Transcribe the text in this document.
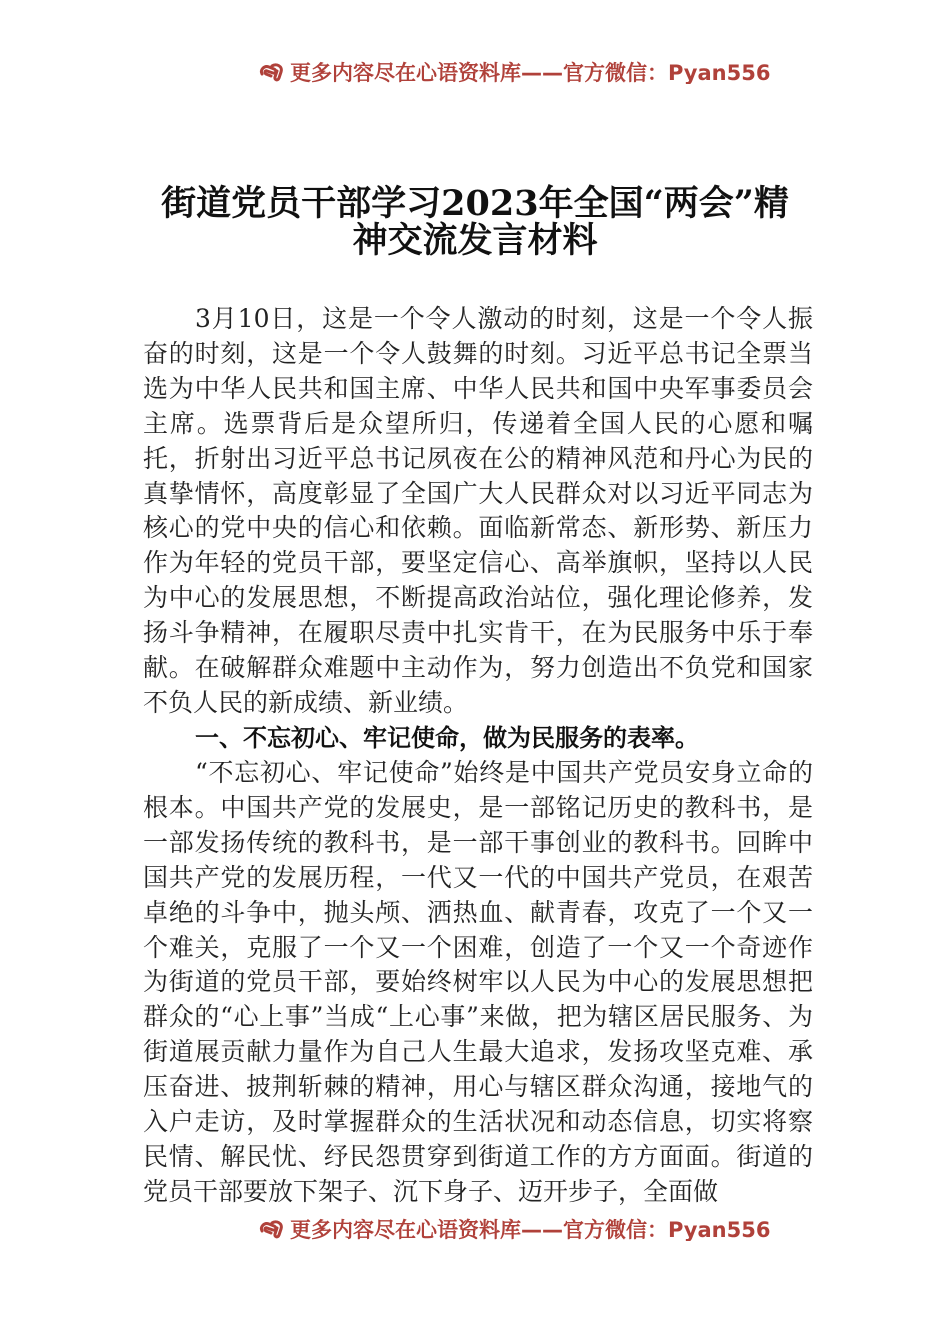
更多内容尽在心语资料库——官方微信：Pyan556
街道党员干部学习2023年全国“两会”精
神交流发言材料

3月10日，这是一个令人激动的时刻，这是一个令人振奋的时刻，这是一个令人鼓舞的时刻。习近平总书记全票当选为中华人民共和国主席、中华人民共和国中央军事委员会主席。选票背后是众望所归，传递着全国人民的心愿和嘱托，折射出习近平总书记夙夜在公的精神风范和丹心为民的真挚情怀，高度彰显了全国广大人民群众对以习近平同志为核心的党中央的信心和依赖。面临新常态、新形势、新压力作为年轻的党员干部，要坚定信心、高举旗帜，坚持以人民为中心的发展思想，不断提高政治站位，强化理论修养，发扬斗争精神，在履职尽责中扎实肯干，在为民服务中乐于奉献。在破解群众难题中主动作为，努力创造出不负党和国家不负人民的新成绩、新业绩。

一、不忘初心、牢记使命，做为民服务的表率。

“不忘初心、牢记使命”始终是中国共产党员安身立命的根本。中国共产党的发展史，是一部铭记历史的教科书，是一部发扬传统的教科书，是一部干事创业的教科书。回眸中国共产党的发展历程，一代又一代的中国共产党员，在艰苦卓绝的斗争中，抛头颅、洒热血、献青春，攻克了一个又一个难关，克服了一个又一个困难，创造了一个又一个奇迹作为街道的党员干部，要始终树牢以人民为中心的发展思想把群众的“心上事”当成“上心事”来做，把为辖区居民服务、为街道展贡献力量作为自己人生最大追求，发扬攻坚克难、承压奋进、披荆斩棘的精神，用心与辖区群众沟通，接地气的入户走访，及时掌握群众的生活状况和动态信息，切实将察民情、解民忧、纾民怨贯穿到街道工作的方方面面。街道的党员干部要放下架子、沉下身子、迈开步子，全面做

更多内容尽在心语资料库——官方微信：Pyan556
